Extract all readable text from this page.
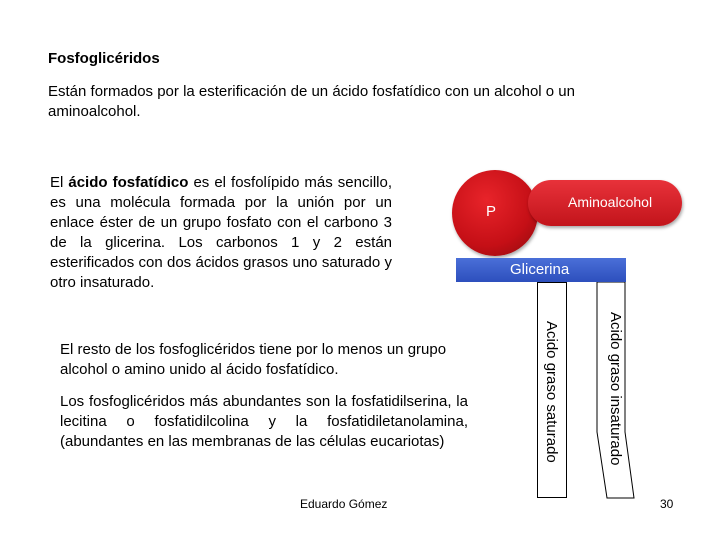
Fosfoglicéridos
Están formados por la esterificación de un ácido fosfatídico con un alcohol o un aminoalcohol.
El ácido fosfatídico es el fosfolípido más sencillo, es una molécula formada por la unión por un enlace éster de un grupo fosfato con el carbono 3 de la glicerina. Los carbonos 1 y 2 están esterificados con dos ácidos grasos uno saturado y otro insaturado.
El resto de los fosfoglicéridos tiene por lo menos un grupo alcohol o amino unido al ácido fosfatídico.
Los fosfoglicéridos más abundantes son la fosfatidilserina, la lecitina o fosfatidilcolina y la fosfatidiletanolamina, (abundantes en las membranas de las células eucariotas)
P
Aminoalcohol
Glicerina
Acido graso saturado	Acido graso insaturado
Eduardo Gómez	30
